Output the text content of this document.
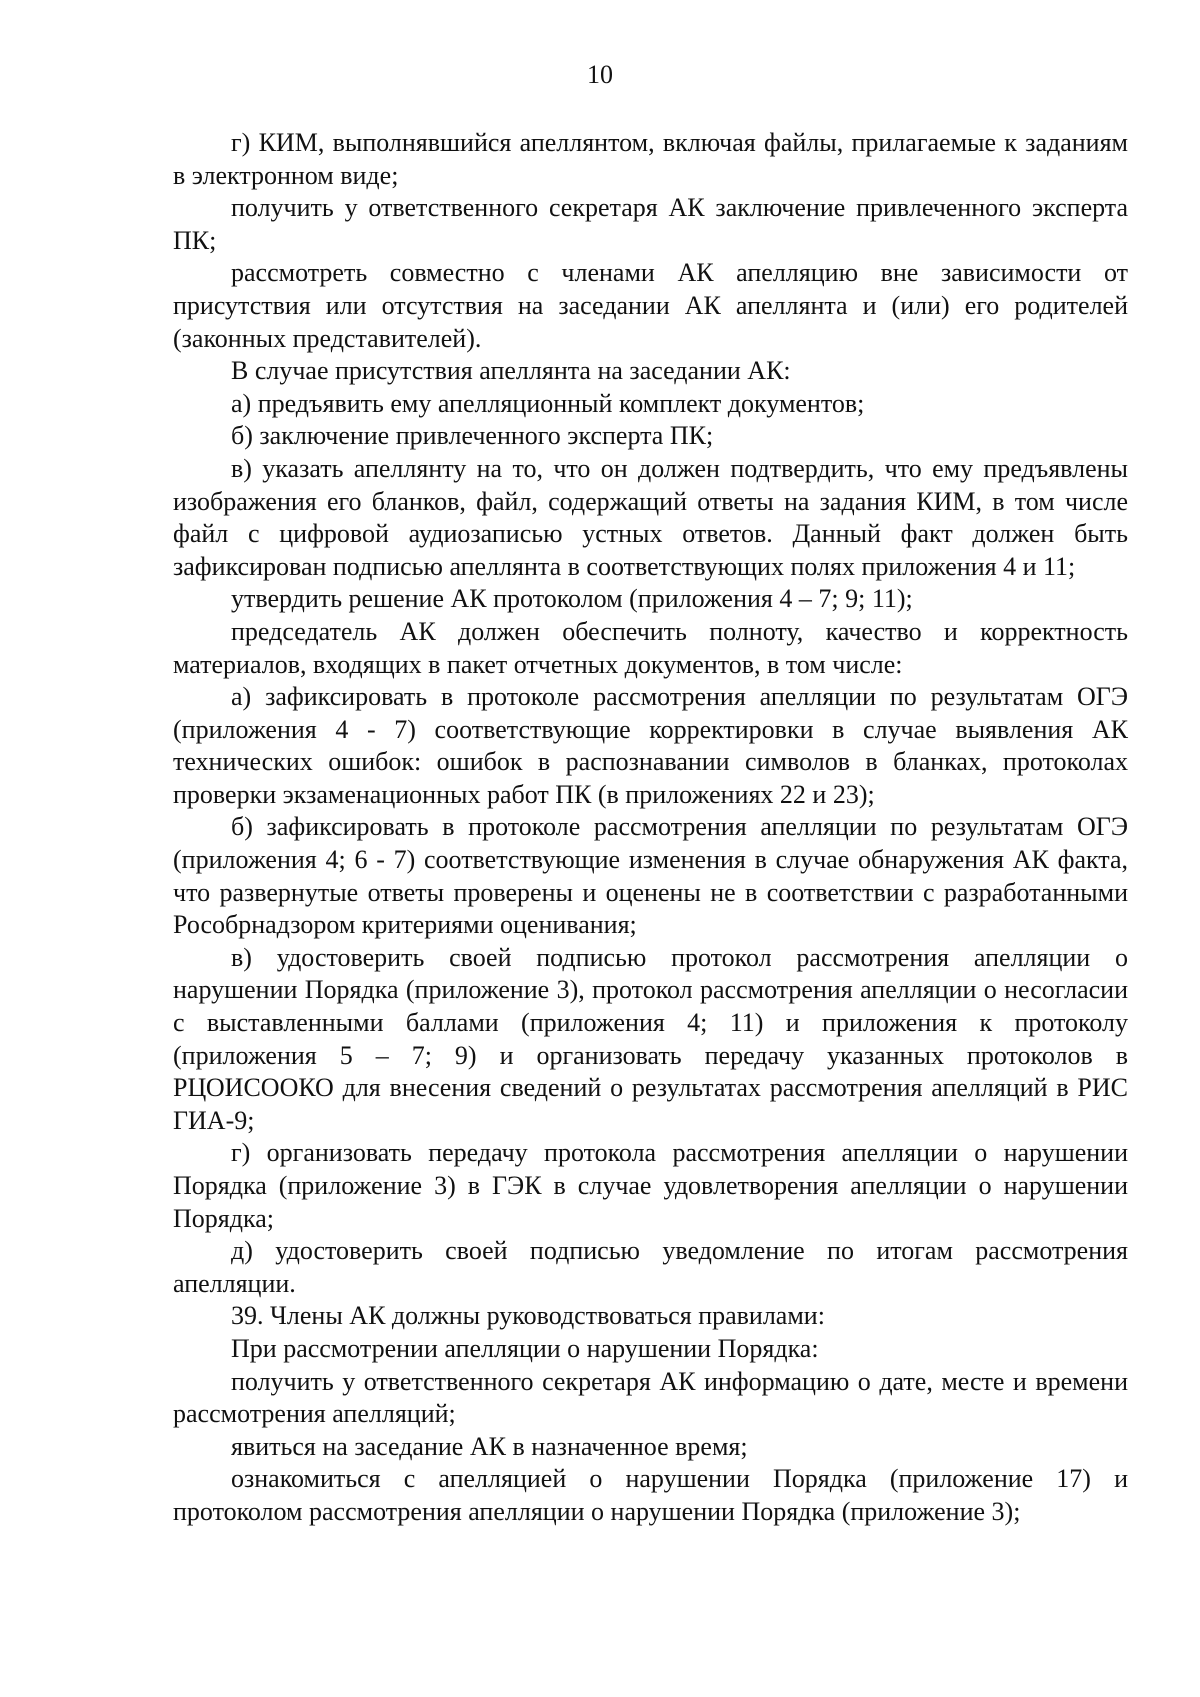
10

г) КИМ, выполнявшийся апеллянтом, включая файлы, прилагаемые к заданиям в электронном виде;

получить у ответственного секретаря АК заключение привлеченного эксперта ПК;

рассмотреть совместно с членами АК апелляцию вне зависимости от присутствия или отсутствия на заседании АК апеллянта и (или) его родителей (законных представителей).

В случае присутствия апеллянта на заседании АК:

а) предъявить ему апелляционный комплект документов;

б) заключение привлеченного эксперта ПК;

в) указать апеллянту на то, что он должен подтвердить, что ему предъявлены изображения его бланков, файл, содержащий ответы на задания КИМ, в том числе файл с цифровой аудиозаписью устных ответов. Данный факт должен быть зафиксирован подписью апеллянта в соответствующих полях приложения 4 и 11;

утвердить решение АК протоколом (приложения 4 – 7; 9; 11);

председатель АК должен обеспечить полноту, качество и корректность материалов, входящих в пакет отчетных документов, в том числе:

а) зафиксировать в протоколе рассмотрения апелляции по результатам ОГЭ (приложения 4 - 7) соответствующие корректировки в случае выявления АК технических ошибок: ошибок в распознавании символов в бланках, протоколах проверки экзаменационных работ ПК (в приложениях 22 и 23);

б) зафиксировать в протоколе рассмотрения апелляции по результатам ОГЭ (приложения 4; 6 - 7) соответствующие изменения в случае обнаружения АК факта, что развернутые ответы проверены и оценены не в соответствии с разработанными Рособрнадзором критериями оценивания;

в) удостоверить своей подписью протокол рассмотрения апелляции о нарушении Порядка (приложение 3), протокол рассмотрения апелляции о несогласии с выставленными баллами (приложения 4; 11) и приложения к протоколу (приложения 5 – 7; 9) и организовать передачу указанных протоколов в РЦОИСООКО для внесения сведений о результатах рассмотрения апелляций в РИС ГИА-9;

г) организовать передачу протокола рассмотрения апелляции о нарушении Порядка (приложение 3) в ГЭК в случае удовлетворения апелляции о нарушении Порядка;

д) удостоверить своей подписью уведомление по итогам рассмотрения апелляции.

39. Члены АК должны руководствоваться правилами:

При рассмотрении апелляции о нарушении Порядка:

получить у ответственного секретаря АК информацию о дате, месте и времени рассмотрения апелляций;

явиться на заседание АК в назначенное время;

ознакомиться с апелляцией о нарушении Порядка (приложение 17) и протоколом рассмотрения апелляции о нарушении Порядка (приложение 3);
